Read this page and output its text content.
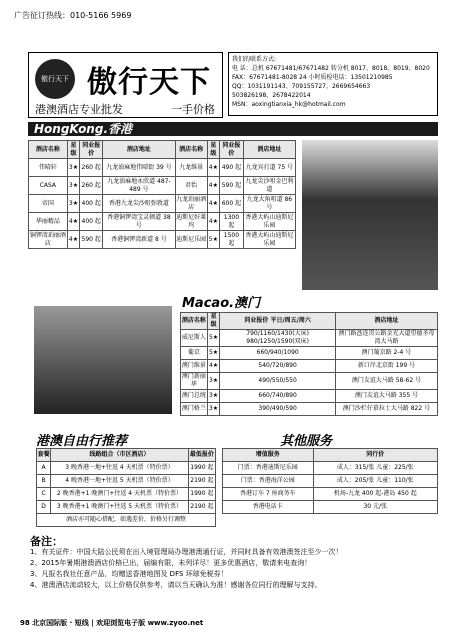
广告征订热线：010-5166 5969
傲行天下 傲行天下
港澳酒店专业批发	一手价格
我们的联系方式:
电 话：总机 67671481/67671482 转分机 8017、8018、8019、8020
FAX：67671481-8028 24 小时质检电话：13501210985
QQ：1031191143、709155727、2669654663
503826198、2678422014
MSN：aoxingtianxia_hk@hotmail.com
HongKong.香港
酒店名称	星级	同业报价	酒店地址	酒店名称	星级	同业报价	酒店地址
伟晴轩	3★	260 起	九龙油麻地伟晴街 39 号	九龙维景	4★	490 起	九龙宾打道 75 号
CASA	3★	260 起	九龙油麻地永欣道 487-489 号	君怡	4★	590 起	九龙尖沙咀金巴利道
帝国	3★	400 起	香港九龙尖沙咀弥敦道	九龙珀丽酒店	4★	600 起	九龙大角咀道 86 号
华丽精品	4★	400 起	香港铜锣湾宝灵顿道 38 号	迪斯尼好莱坞	4★	1300 起	香港大屿山迪斯尼乐园
铜锣湾珀丽酒店	4★	590 起	香港铜锣湾新道 8 号	迪斯尼乐园	5★	1500 起	香港大屿山迪斯尼乐园
Macao.澳门
酒店名称	星级	同业报价 平日/周五/周六	酒店地址
威尼斯人	5★	790/1160/1430(大床) 980/1250/1590(双床)	澳门路氹连贯公路金光大道望德圣母湾大马路
葡京	5★	660/940/1090	澳门葡京路 2-4 号
澳门维景	4★	540/720/890	新口岸北京街 199 号
澳门新丽华	3★	490/550/550	澳门友谊大马路 58-62 号
澳门总统	3★	660/740/890	澳门友谊大马路 355 号
澳门格兰	3★	390/490/590	澳门沙栏仔慕拉士大马路 822 号
港澳自由行推荐	其他服务
套餐	线路组合（市区酒店）	最低报价
A	3 晚香港一地+往返 4 天机票（特价票）	1990 起
B	4 晚香港一地+往返 5 天机票（特价票）	2190 起
C	2 晚香港+1 晚澳门+往返 4 天机票（特价票）	1990 起
D	3 晚香港+1 晚澳门+往返 5 天机票（特价票）	2190 起
酒店亦可随心搭配，如遇差价，价格另行调整		
增值服务	同行价
门票：香港迪斯尼乐园	成人：315/张 儿童：225/张
门票：香港海洋公园	成人：205/张 儿童：110/张
香港订车 7 座商务车	机场-九龙 400 起-港岛 450 起
香港电话卡	30 元/张
备注：
1、有关证件：中国大陆公民须在出入境管理局办理港澳通行证，并同时具备有效港澳签注至少一次！
2、2015年暑期港澳酒店价格已出，届编有限，未列详尽！更多优惠酒店，敬请来电查询！
3、凡报名我社任意产品，均赠送香港地图及 DFS 环球免税券！
4、港澳酒店流动较大，以上价格仅供参考，请以当天确认为准！感谢各位同行的理解与支持。
98 北京国际版 · 短线 | 欢迎浏览电子版 www.zyoo.net
